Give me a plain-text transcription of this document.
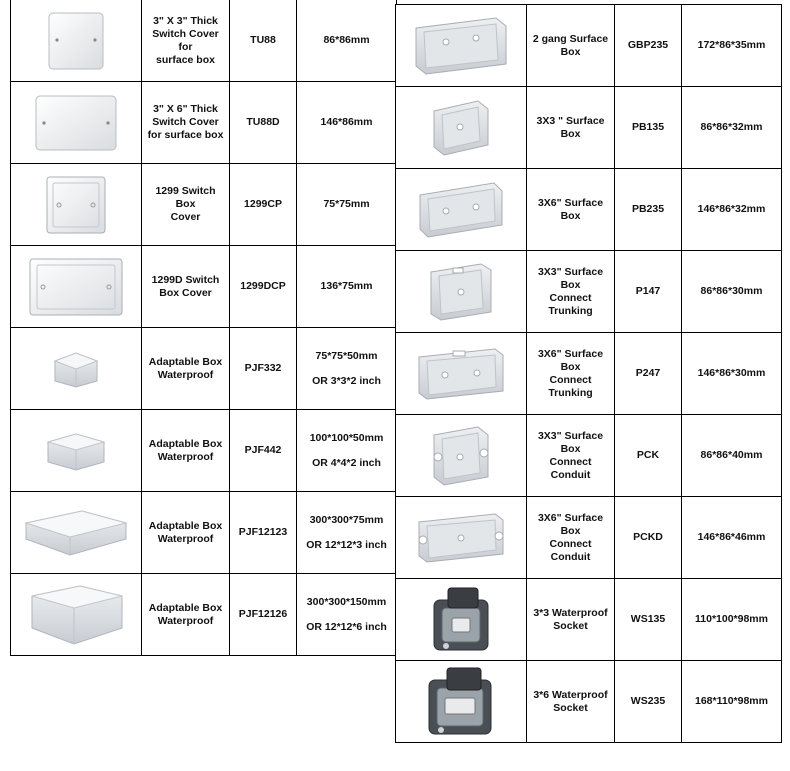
3" X 3" Thick
Switch Cover for
surface box	TU88	86*86mm

3" X 6" Thick
Switch Cover
for surface box	TU88D	146*86mm

1299 Switch Box
Cover	1299CP	75*75mm

1299D Switch
Box Cover	1299DCP	136*75mm

Adaptable Box
Waterproof	PJF332	75*75*50mm
OR 3*3*2 inch

Adaptable Box
Waterproof	PJF442	100*100*50mm
OR 4*4*2 inch

Adaptable Box
Waterproof	PJF12123	300*300*75mm
OR 12*12*3 inch

Adaptable Box
Waterproof	PJF12126	300*300*150mm
OR 12*12*6 inch

2 gang Surface
Box	GBP235	172*86*35mm

3X3 " Surface
Box	PB135	86*86*32mm

3X6" Surface
Box	PB235	146*86*32mm

3X3" Surface
Box
Connect
Trunking	P147	86*86*30mm

3X6" Surface
Box
Connect
Trunking	P247	146*86*30mm

3X3" Surface
Box
Connect Conduit	PCK	86*86*40mm

3X6" Surface
Box
Connect Conduit	PCKD	146*86*46mm

3*3 Waterproof
Socket	WS135	110*100*98mm

3*6 Waterproof
Socket	WS235	168*110*98mm
